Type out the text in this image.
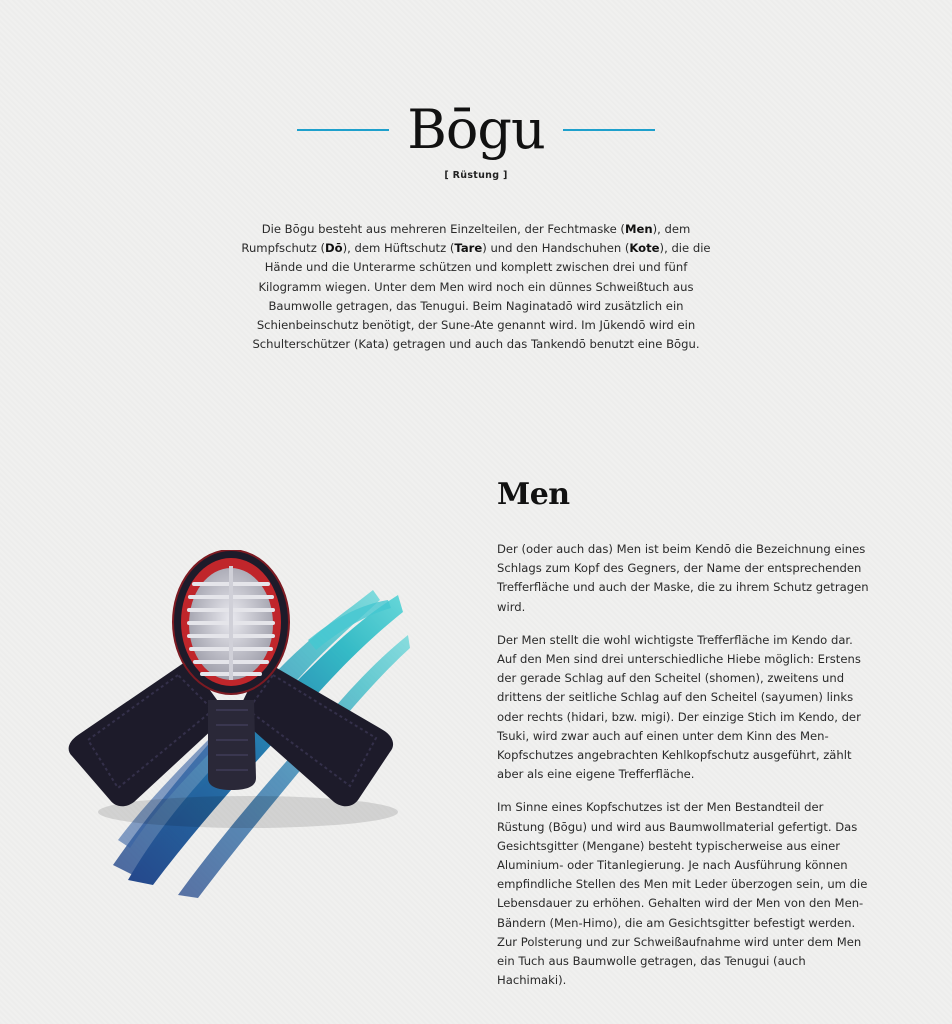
Bōgu
[ Rüstung ]

Die Bōgu besteht aus mehreren Einzelteilen, der Fechtmaske (Men), dem Rumpfschutz (Dō), dem Hüftschutz (Tare) und den Handschuhen (Kote), die die Hände und die Unterarme schützen und komplett zwischen drei und fünf Kilogramm wiegen. Unter dem Men wird noch ein dünnes Schweißtuch aus Baumwolle getragen, das Tenugui. Beim Naginatadō wird zusätzlich ein Schienbeinschutz benötigt, der Sune-Ate genannt wird. Im Jūkendō wird ein Schulterschützer (Kata) getragen und auch das Tankendō benutzt eine Bōgu.

Men

Der (oder auch das) Men ist beim Kendō die Bezeichnung eines Schlags zum Kopf des Gegners, der Name der entsprechenden Trefferfläche und auch der Maske, die zu ihrem Schutz getragen wird.

Der Men stellt die wohl wichtigste Trefferfläche im Kendo dar. Auf den Men sind drei unterschiedliche Hiebe möglich: Erstens der gerade Schlag auf den Scheitel (shomen), zweitens und drittens der seitliche Schlag auf den Scheitel (sayumen) links oder rechts (hidari, bzw. migi). Der einzige Stich im Kendo, der Tsuki, wird zwar auch auf einen unter dem Kinn des Men-Kopfschutzes angebrachten Kehlkopfschutz ausgeführt, zählt aber als eine eigene Trefferfläche.

Im Sinne eines Kopfschutzes ist der Men Bestandteil der Rüstung (Bōgu) und wird aus Baumwollmaterial gefertigt. Das Gesichtsgitter (Mengane) besteht typischerweise aus einer Aluminium- oder Titanlegierung. Je nach Ausführung können empfindliche Stellen des Men mit Leder überzogen sein, um die Lebensdauer zu erhöhen. Gehalten wird der Men von den Men-Bändern (Men-Himo), die am Gesichtsgitter befestigt werden. Zur Polsterung und zur Schweißaufnahme wird unter dem Men ein Tuch aus Baumwolle getragen, das Tenugui (auch Hachimaki).
